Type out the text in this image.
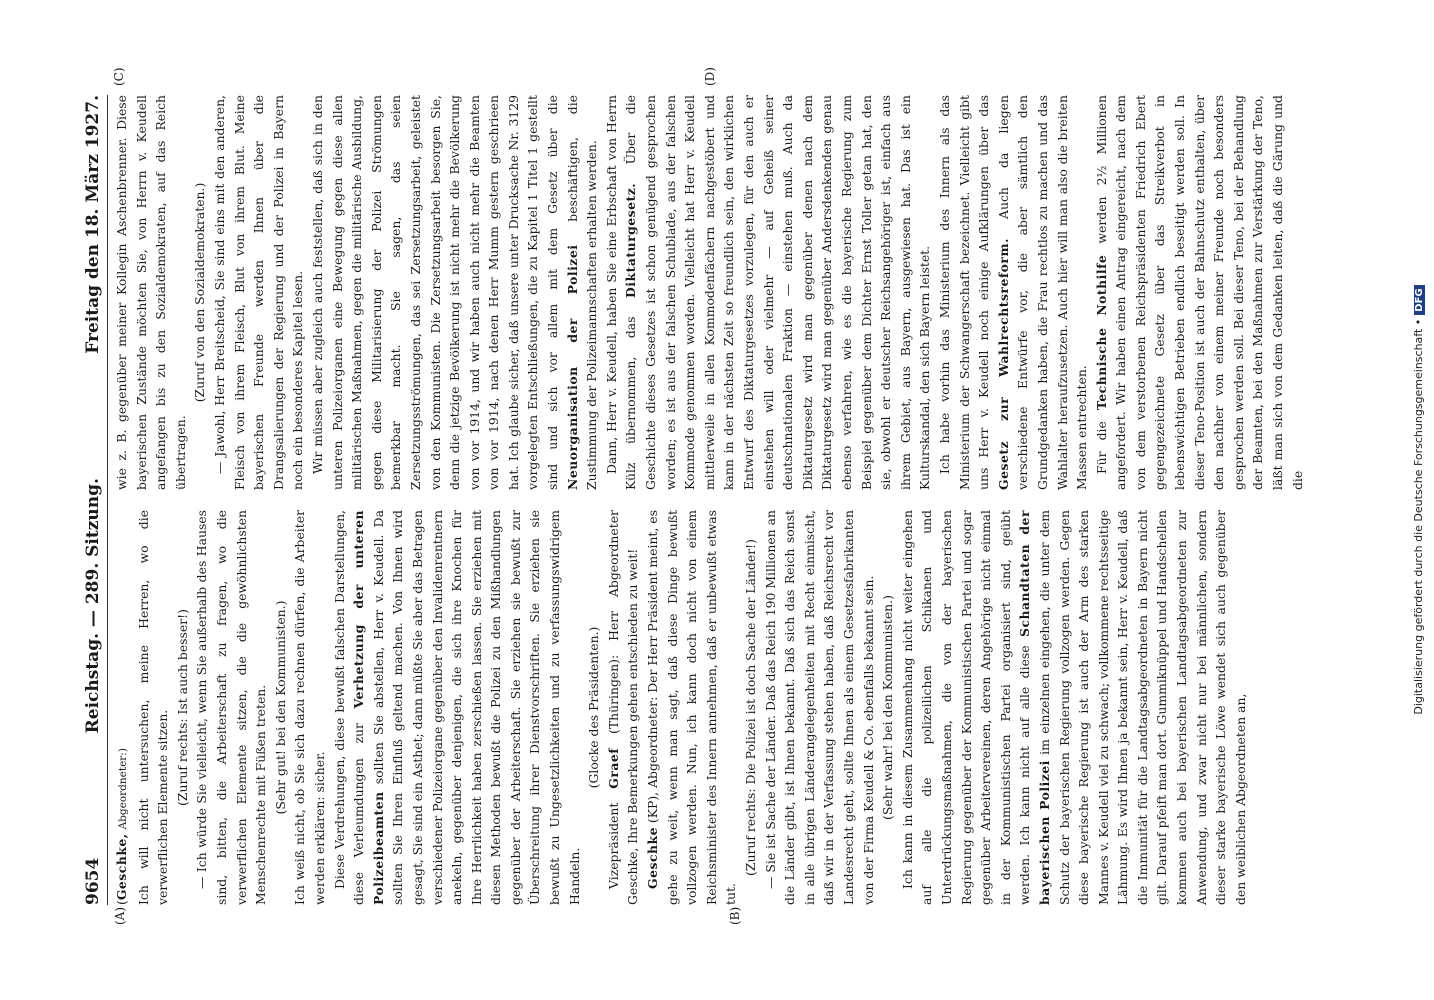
9654
Reichstag. — 289. Sitzung.
Freitag den 18. März 1927.
(A)	(B)
(C)	(D)

(Geschke, Abgeordneter:) Ich will nicht untersuchen, meine Herren, wo die verwerflichen Elemente sitzen.

(Zuruf rechts: Ist auch besser!) — Ich würde Sie vielleicht, wenn Sie außerhalb des Hauses sind, bitten, die Arbeiterschaft zu fragen, wo die verwerflichen Elemente sitzen, die die gewöhnlichsten Menschenrechte mit Füßen treten. (Sehr gut! bei den Kommunisten.) Ich weiß nicht, ob Sie sich dazu rechnen dürfen, die Arbeiter werden erklären: sicher. Diese Verdrehungen, diese bewußt falschen Darstellungen, diese Verleumdungen zur Verhetzung der unteren Polizeibeamten sollten Sie abstellen, Herr v. Keudell. Da sollten Sie Ihren Einfluß geltend machen. Von Ihnen wird gesagt, Sie sind ein Asthet; dann müßte Sie aber das Betragen verschiedener Polizeiorgane gegenüber den Invalidenrentnern anekeln, gegenüber denjenigen, die sich ihre Knochen für Ihre Herrlichkeit haben zerschießen lassen. Sie erziehen mit diesen Methoden bewußt die Polizei zu den Mißhandlungen gegenüber der Arbeiterschaft. Sie erziehen sie bewußt zur Überschreitung ihrer Dienstvorschriften. Sie erziehen sie bewußt zu Ungesetzlichkeiten und zu verfassungswidrigem Handeln.

(Glocke des Präsidenten.)

Vizepräsident Graef (Thüringen): Herr Abgeordneter Geschke, Ihre Bemerkungen gehen entschieden zu weit! Geschke (KP), Abgeordneter: Der Herr Präsident meint, es gehe zu weit, wenn man sagt, daß diese Dinge bewußt vollzogen werden. Nun, ich kann doch nicht von einem Reichsminister des Innern annehmen, daß er unbewußt etwas tut.

(Zuruf rechts: Die Polizei ist doch Sache der Länder!) — Sie ist Sache der Länder. Daß das Reich 190 Millionen an die Länder gibt, ist Ihnen bekannt. Daß sich das Reich sonst in alle übrigen Länderangelegenheiten mit Recht einmischt, daß wir in der Verfassung stehen haben, daß Reichsrecht vor Landesrecht geht, sollte Ihnen als einem Gesetzesfabrikanten von der Firma Keudell & Co. ebenfalls bekannt sein. (Sehr wahr! bei den Kommunisten.) Ich kann in diesem Zusammenhang nicht weiter eingehen auf alle die polizeilichen Schikanen und Unterdrückungsmaßnahmen, die von der bayerischen Regierung gegenüber der Kommunistischen Partei und sogar gegenüber Arbeitervereinen, deren Angehörige nicht einmal in der Kommunistischen Partei organisiert sind, geübt werden. Ich kann nicht auf alle diese Schandtaten der bayerischen Polizei im einzelnen eingehen, die unter dem Schutz der bayerischen Regierung vollzogen werden. Gegen diese bayerische Regierung ist auch der Arm des starken Mannes v. Keudell viel zu schwach; vollkommene rechtsseitige Lähmung. Es wird Ihnen ja bekannt sein, Herr v. Keudell, daß die Immunität für die Landtagsabgeordneten in Bayern nicht gilt. Darauf pfeift man dort. Gummiknüppel und Handschellen kommen auch bei bayerischen Landtagsabgeordneten zur Anwendung, und zwar nicht nur bei männlichen, sondern dieser starke bayerische Löwe wendet sich auch gegenüber den weiblichen Abgeordneten an,

wie z. B. gegenüber meiner Kollegin Aschenbrenner. Diese bayerischen Zustände möchten Sie, von Herrn v. Keudell angefangen bis zu den Sozialdemokraten, auf das Reich übertragen.

(Zuruf von den Sozialdemokraten.) — Jawohl, Herr Breitscheid, Sie sind eins mit den anderen, Fleisch von ihrem Fleisch, Blut von ihrem Blut. Meine bayerischen Freunde werden Ihnen über die Drangsalierungen der Regierung und der Polizei in Bayern noch ein besonderes Kapitel lesen. Wir müssen aber zugleich auch feststellen, daß sich in den unteren Polizeiorganen eine Bewegung gegen diese allen militärischen Maßnahmen, gegen die militärische Ausbildung, gegen diese Militarisierung der Polizei Strömungen bemerkbar macht. Sie sagen, das seien Zersetzungsströmungen, das sei Zersetzungsarbeit, geleistet von den Kommunisten. Die Zersetzungsarbeit besorgen Sie, denn die jetzige Bevölkerung ist nicht mehr die Bevölkerung von vor 1914, und wir haben auch nicht mehr die Beamten von vor 1914, nach denen Herr Mumm gestern geschrieen hat. Ich glaube sicher, daß unsere unter Drucksache Nr. 3129 vorgelegten Entschließungen, die zu Kapitel 1 Titel 1 gestellt sind und sich vor allem mit dem Gesetz über die Neuorganisation der Polizei beschäftigen, die Zustimmung der Polizeimannschaften erhalten werden. Dann, Herr v. Keudell, haben Sie eine Erbschaft von Herrn Külz übernommen, das Diktaturgesetz. Über die Geschichte dieses Gesetzes ist schon genügend gesprochen worden; es ist aus der falschen Schublade, aus der falschen Kommode genommen worden. Vielleicht hat Herr v. Keudell mittlerweile in allen Kommodenfächern nachgestöbert und kann in der nächsten Zeit so freundlich sein, den wirklichen Entwurf des Diktaturgesetzes vorzulegen, für den auch er einstehen will oder vielmehr — auf Geheiß seiner deutschnationalen Fraktion — einstehen muß. Auch da Diktaturgesetz wird man gegenüber denen nach dem Diktaturgesetz wird man gegenüber Andersdenkenden genau ebenso verfahren, wie es die bayerische Regierung zum Beispiel gegenüber dem Dichter Ernst Toller getan hat, den sie, obwohl er deutscher Reichsangehöriger ist, einfach aus ihrem Gebiet, aus Bayern, ausgewiesen hat. Das ist ein Kulturskandal, den sich Bayern leistet. Ich habe vorhin das Ministerium des Innern als das Ministerium der Schwangerschaft bezeichnet. Vielleicht gibt uns Herr v. Keudell noch einige Aufklärungen über das Gesetz zur Wahlrechtsreform. Auch da liegen verschiedene Entwürfe vor, die aber sämtlich den Grundgedanken haben, die Frau rechtlos zu machen und das Wahlalter heraufzusetzen. Auch hier will man also die breiten Massen entrechten. Für die Technische Nothilfe werden 2½ Millionen angefordert. Wir haben einen Antrag eingereicht, nach dem von dem verstorbenen Reichspräsidenten Friedrich Ebert gegengezeichnete Gesetz über das Streikverbot in lebenswichtigen Betrieben endlich beseitigt werden soll. In dieser Teno-Position ist auch der Bahnschutz enthalten, über den nachher von einem meiner Freunde noch besonders gesprochen werden soll. Bei dieser Teno, bei der Behandlung der Beamten, bei den Maßnahmen zur Verstärkung der Teno, läßt man sich von dem Gedanken leiten, daß die Gärung und die	Digitalisierung gefördert durch die Deutsche Forschungsgemeinschaft •DFG
